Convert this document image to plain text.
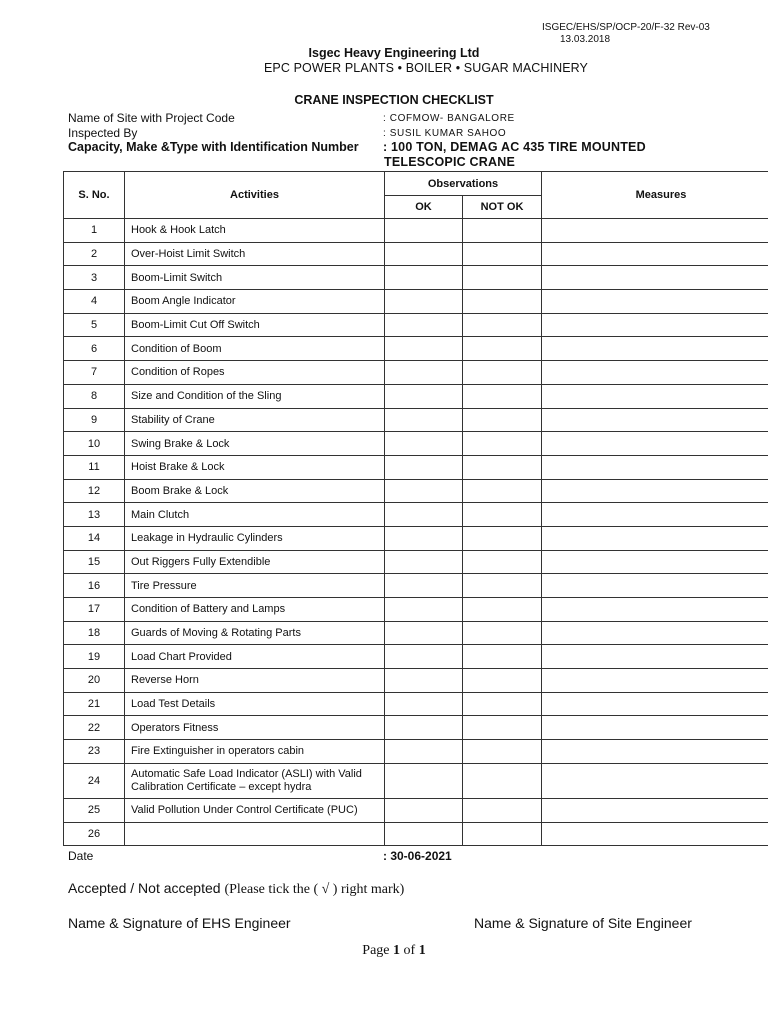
ISGEC/EHS/SP/OCP-20/F-32 Rev-03
13.03.2018
Isgec Heavy Engineering Ltd
EPC POWER PLANTS • BOILER • SUGAR MACHINERY
CRANE INSPECTION CHECKLIST
Name of Site with Project Code	: COFMOW- BANGALORE
Inspected By	: SUSIL KUMAR SAHOO
Capacity, Make &Type with Identification Number : 100 TON, DEMAG AC 435 TIRE MOUNTED
TELESCOPIC CRANE
S. No.	Activities	Observations		Measures
		OK	NOT OK	
1	Hook & Hook Latch			
2	Over-Hoist Limit Switch			
3	Boom-Limit Switch			
4	Boom Angle Indicator			
5	Boom-Limit Cut Off Switch			
6	Condition of Boom			
7	Condition of Ropes			
8	Size and Condition of the Sling			
9	Stability of Crane			
10	Swing Brake & Lock			
11	Hoist Brake & Lock			
12	Boom Brake & Lock			
13	Main Clutch			
14	Leakage in Hydraulic Cylinders			
15	Out Riggers Fully Extendible			
16	Tire Pressure			
17	Condition of Battery and Lamps			
18	Guards of Moving & Rotating Parts			
19	Load Chart Provided			
20	Reverse Horn			
21	Load Test Details			
22	Operators Fitness			
23	Fire Extinguisher in operators cabin			
24	Automatic Safe Load Indicator (ASLI) with Valid Calibration Certificate – except hydra			
25	Valid Pollution Under Control Certificate (PUC)			
26				
Date	: 30-06-2021
Accepted / Not accepted (Please tick the ( √ ) right mark)
Name & Signature of EHS Engineer	Name & Signature of Site Engineer
Page 1 of 1
